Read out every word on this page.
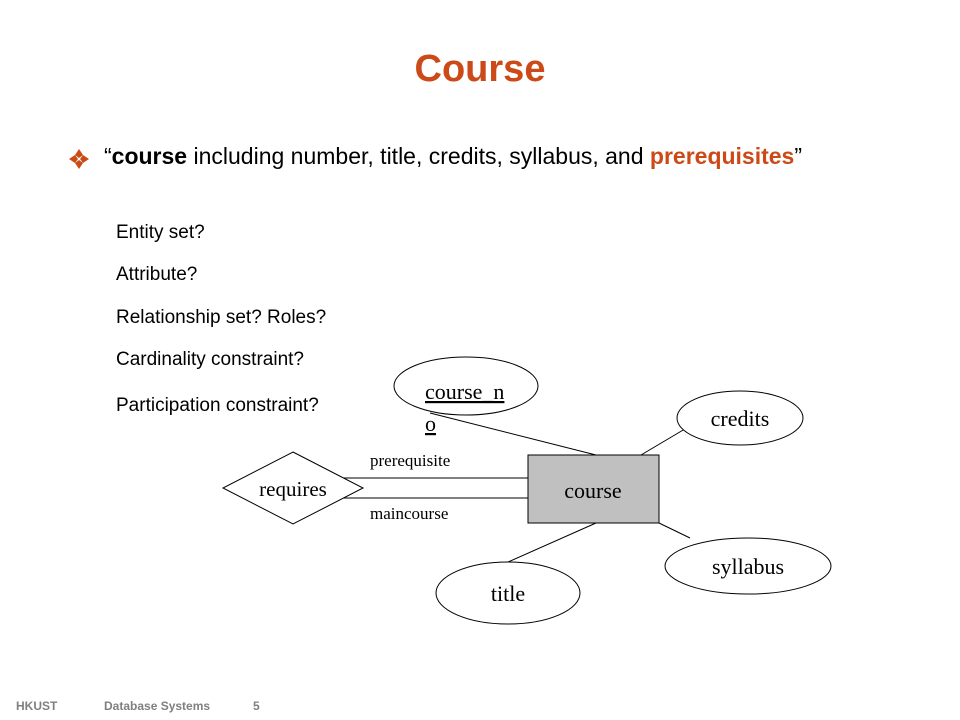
Course
“course including number, title, credits, syllabus, and prerequisites”
Entity set?
Attribute?
Relationship set? Roles?
Cardinality constraint?
Participation constraint?
course
requires
prerequisite
maincourse
course_n
o	credits
syllabus
title
HKUST	Database Systems	5
